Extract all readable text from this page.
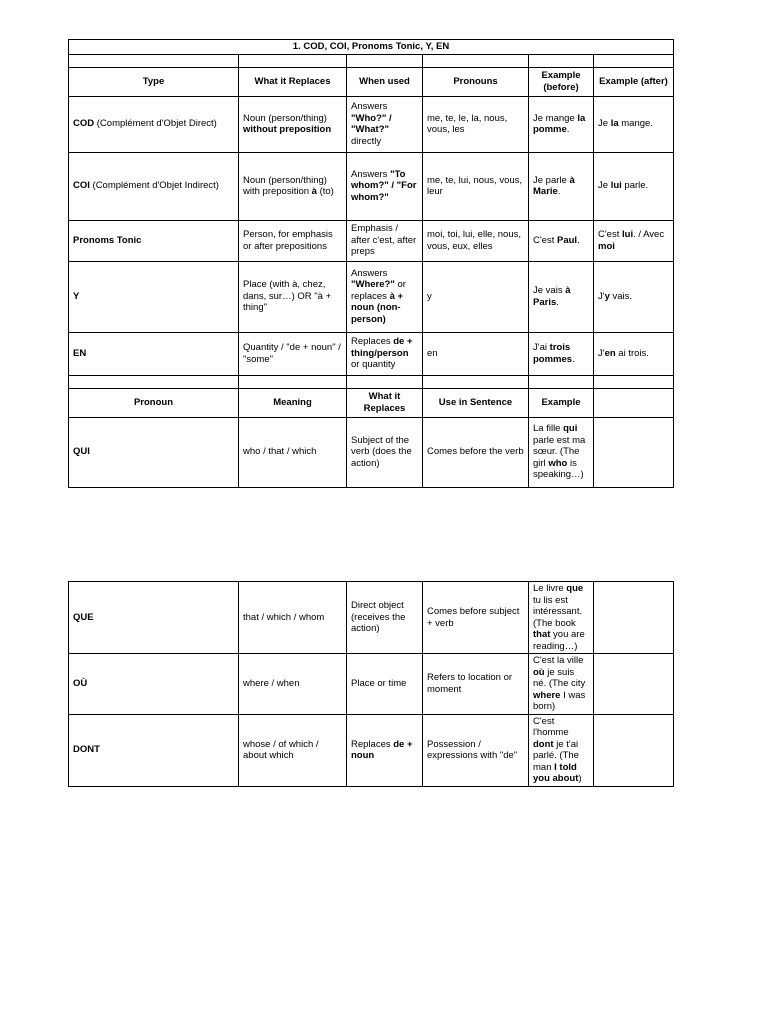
1. COD, COI, Pronoms Tonic, Y, EN					

Type	What it Replaces	When used	Pronouns	Example (before)	Example (after)
COD (Complément d'Objet Direct)	Noun (person/thing) without preposition	Answers "Who?" / "What?" directly	me, te, le, la, nous, vous, les	Je mange la pomme.	Je la mange.
COI (Complément d'Objet Indirect)	Noun (person/thing) with preposition à (to)	Answers "To whom?" / "For whom?"	me, te, lui, nous, vous, leur	Je parle à Marie.	Je lui parle.
Pronoms Tonic	Person, for emphasis or after prepositions	Emphasis / after c'est, after preps	moi, toi, lui, elle, nous, vous, eux, elles	C'est Paul.	C'est lui. / Avec moi
Y	Place (with à, chez, dans, sur…) OR "à + thing"	Answers "Where?" or replaces à + noun (non-person)	y	Je vais à Paris.	J'y vais.
EN	Quantity / "de + noun" / "some"	Replaces de + thing/person or quantity	en	J'ai trois pommes.	J'en ai trois.

Pronoun	Meaning	What it Replaces	Use in Sentence	Example	
QUI	who / that / which	Subject of the verb (does the action)	Comes before the verb	La fille qui parle est ma sœur. (The girl who is speaking…)	
QUE	that / which / whom	Direct object (receives the action)	Comes before subject + verb	Le livre que tu lis est intéressant. (The book that you are reading…)	
OÙ	where / when	Place or time	Refers to location or moment	C'est la ville où je suis né. (The city where I was born)	
DONT	whose / of which / about which	Replaces de + noun	Possession / expressions with "de"	C'est l'homme dont je t'ai parlé. (The man I told you about)	
